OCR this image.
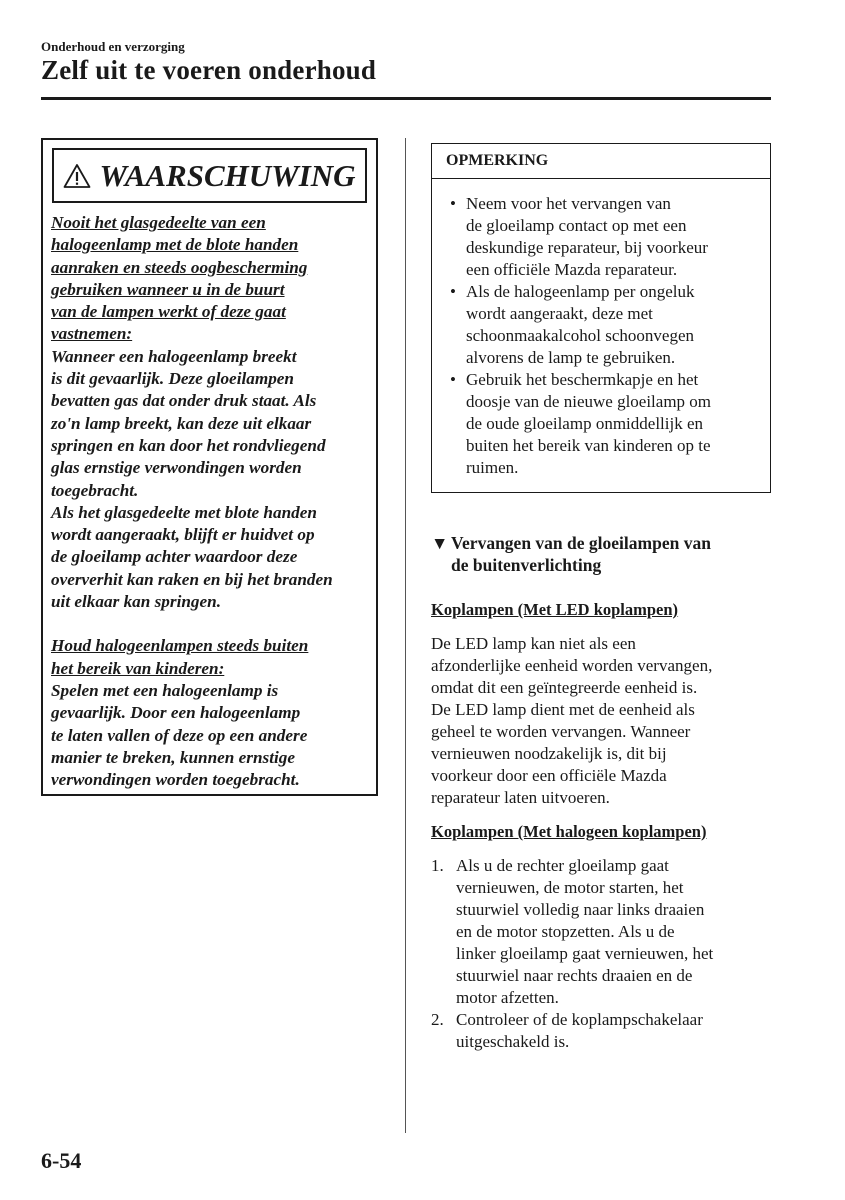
Onderhoud en verzorging
Zelf uit te voeren onderhoud
WAARSCHUWING

Nooit het glasgedeelte van een

halogeenlamp met de blote handen

aanraken en steeds oogbescherming

gebruiken wanneer u in de buurt

van de lampen werkt of deze gaat

vastnemen:

Wanneer een halogeenlamp breekt

is dit gevaarlijk. Deze gloeilampen

bevatten gas dat onder druk staat. Als

zo'n lamp breekt, kan deze uit elkaar

springen en kan door het rondvliegend

glas ernstige verwondingen worden

toegebracht.

Als het glasgedeelte met blote handen

wordt aangeraakt, blijft er huidvet op

de gloeilamp achter waardoor deze

oververhit kan raken en bij het branden

uit elkaar kan springen.

Houd halogeenlampen steeds buiten

het bereik van kinderen:

Spelen met een halogeenlamp is

gevaarlijk. Door een halogeenlamp

te laten vallen of deze op een andere

manier te breken, kunnen ernstige

verwondingen worden toegebracht.

OPMERKING
• Neem voor het vervangen van
de gloeilamp contact op met een
deskundige reparateur, bij voorkeur
een officiële Mazda reparateur.
• Als de halogeenlamp per ongeluk
wordt aangeraakt, deze met
schoonmaakalcohol schoonvegen
alvorens de lamp te gebruiken.
• Gebruik het beschermkapje en het
doosje van de nieuwe gloeilamp om
de oude gloeilamp onmiddellijk en
buiten het bereik van kinderen op te
ruimen.
▼ Vervangen van de gloeilampen van
de buitenverlichting
Koplampen (Met LED koplampen)
De LED lamp kan niet als een
afzonderlijke eenheid worden vervangen,
omdat dit een geïntegreerde eenheid is.
De LED lamp dient met de eenheid als
geheel te worden vervangen. Wanneer
vernieuwen noodzakelijk is, dit bij
voorkeur door een officiële Mazda
reparateur laten uitvoeren.
Koplampen (Met halogeen koplampen)
1. Als u de rechter gloeilamp gaat
vernieuwen, de motor starten, het
stuurwiel volledig naar links draaien
en de motor stopzetten. Als u de
linker gloeilamp gaat vernieuwen, het
stuurwiel naar rechts draaien en de
motor afzetten.
2. Controleer of de koplampschakelaar
uitgeschakeld is.
6-54
